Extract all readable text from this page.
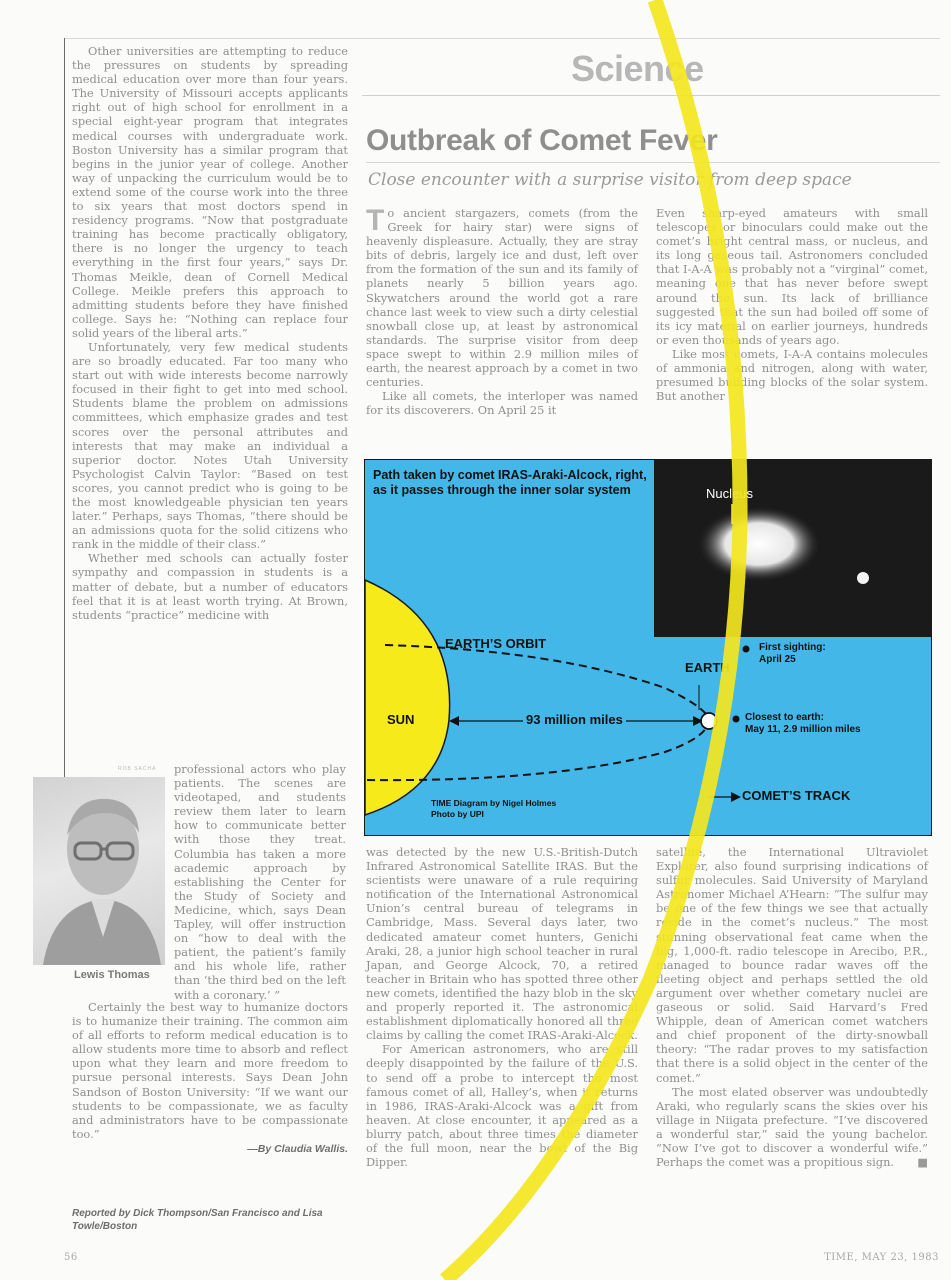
Other universities are attempting to reduce the pressures on students by spreading medical education over more than four years. The University of Missouri accepts applicants right out of high school for enrollment in a special eight-year program that integrates medical courses with undergraduate work. Boston University has a similar program that begins in the junior year of college. Another way of unpacking the curriculum would be to extend some of the course work into the three to six years that most doctors spend in residency programs. “Now that postgraduate training has become practically obligatory, there is no longer the urgency to teach everything in the first four years,” says Dr. Thomas Meikle, dean of Cornell Medical College. Meikle prefers this approach to admitting students before they have finished college. Says he: “Nothing can replace four solid years of the liberal arts.”

Unfortunately, very few medical students are so broadly educated. Far too many who start out with wide interests become narrowly focused in their fight to get into med school. Students blame the problem on admissions committees, which emphasize grades and test scores over the personal attributes and interests that may make an individual a superior doctor. Notes Utah University Psychologist Calvin Taylor: “Based on test scores, you cannot predict who is going to be the most knowledgeable physician ten years later.” Perhaps, says Thomas, “there should be an admissions quota for the solid citizens who rank in the middle of their class.”

Whether med schools can actually foster sympathy and compassion in students is a matter of debate, but a number of educators feel that it is at least worth trying. At Brown, students “practice” medicine with

ROB SACHA
Lewis Thomas

professional actors who play patients. The scenes are videotaped, and students review them later to learn how to communicate better with those they treat. Columbia has taken a more academic approach by establishing the Center for the Study of Society and Medicine, which, says Dean Tapley, will offer instruction on “how to deal with the patient, the patient’s family and his whole life, rather than ‘the third bed on the left with a coronary.’ ”

Certainly the best way to humanize doctors is to humanize their training. The common aim of all efforts to reform medical education is to allow students more time to absorb and reflect upon what they learn and more freedom to pursue personal interests. Says Dean John Sandson of Boston University: “If we want our students to be compassionate, we as faculty and administrators have to be compassionate too.”

—By Claudia Wallis.
Reported by Dick Thompson/San Francisco and Lisa Towle/Boston
Science
Outbreak of Comet Fever
Close encounter with a surprise visitor from deep space

To ancient stargazers, comets (from the Greek for hairy star) were signs of heavenly displeasure. Actually, they are stray bits of debris, largely ice and dust, left over from the formation of the sun and its family of planets nearly 5 billion years ago. Skywatchers around the world got a rare chance last week to view such a dirty celestial snowball close up, at least by astronomical standards. The surprise visitor from deep space swept to within 2.9 million miles of earth, the nearest approach by a comet in two centuries.

Like all comets, the interloper was named for its discoverers. On April 25 it

Even sharp-eyed amateurs with small telescopes or binoculars could make out the comet’s bright central mass, or nucleus, and its long gaseous tail. Astronomers concluded that I-A-A was probably not a “virginal” comet, meaning one that has never before swept around the sun. Its lack of brilliance suggested that the sun had boiled off some of its icy material on earlier journeys, hundreds or even thousands of years ago.

Like most comets, I-A-A contains molecules of ammonia and nitrogen, along with water, presumed building blocks of the solar system. But another

Nucleus
Path taken by comet IRAS-Araki-Alcock, right, as it passes through the inner solar system
EARTH’S ORBIT
EARTH
SUN	93 million miles
First sighting:
April 25
Closest to earth:
May 11, 2.9 million miles
COMET’S TRACK
TIME Diagram by Nigel Holmes
Photo by UPI

was detected by the new U.S.-British-Dutch Infrared Astronomical Satellite IRAS. But the scientists were unaware of a rule requiring notification of the International Astronomical Union’s central bureau of telegrams in Cambridge, Mass. Several days later, two dedicated amateur comet hunters, Genichi Araki, 28, a junior high school teacher in rural Japan, and George Alcock, 70, a retired teacher in Britain who has spotted three other new comets, identified the hazy blob in the sky and properly reported it. The astronomical establishment diplomatically honored all three claims by calling the comet IRAS-Araki-Alcock.

For American astronomers, who are still deeply disappointed by the failure of the U.S. to send off a probe to intercept the most famous comet of all, Halley’s, when it returns in 1986, IRAS-Araki-Alcock was a gift from heaven. At close encounter, it appeared as a blurry patch, about three times the diameter of the full moon, near the bowl of the Big Dipper.

satellite, the International Ultraviolet Explorer, also found surprising indications of sulfur molecules. Said University of Maryland Astronomer Michael A’Hearn: “The sulfur may be one of the few things we see that actually reside in the comet’s nucleus.” The most stunning observational feat came when the big, 1,000-ft. radio telescope in Arecibo, P.R., managed to bounce radar waves off the fleeting object and perhaps settled the old argument over whether cometary nuclei are gaseous or solid. Said Harvard’s Fred Whipple, dean of American comet watchers and chief proponent of the dirty-snowball theory: “The radar proves to my satisfaction that there is a solid object in the center of the comet.”

The most elated observer was undoubtedly Araki, who regularly scans the skies over his village in Niigata prefecture. “I’ve discovered a wonderful star,” said the young bachelor. “Now I’ve got to discover a wonderful wife.” Perhaps the comet was a propitious sign.	■

56	TIME, MAY 23, 1983
